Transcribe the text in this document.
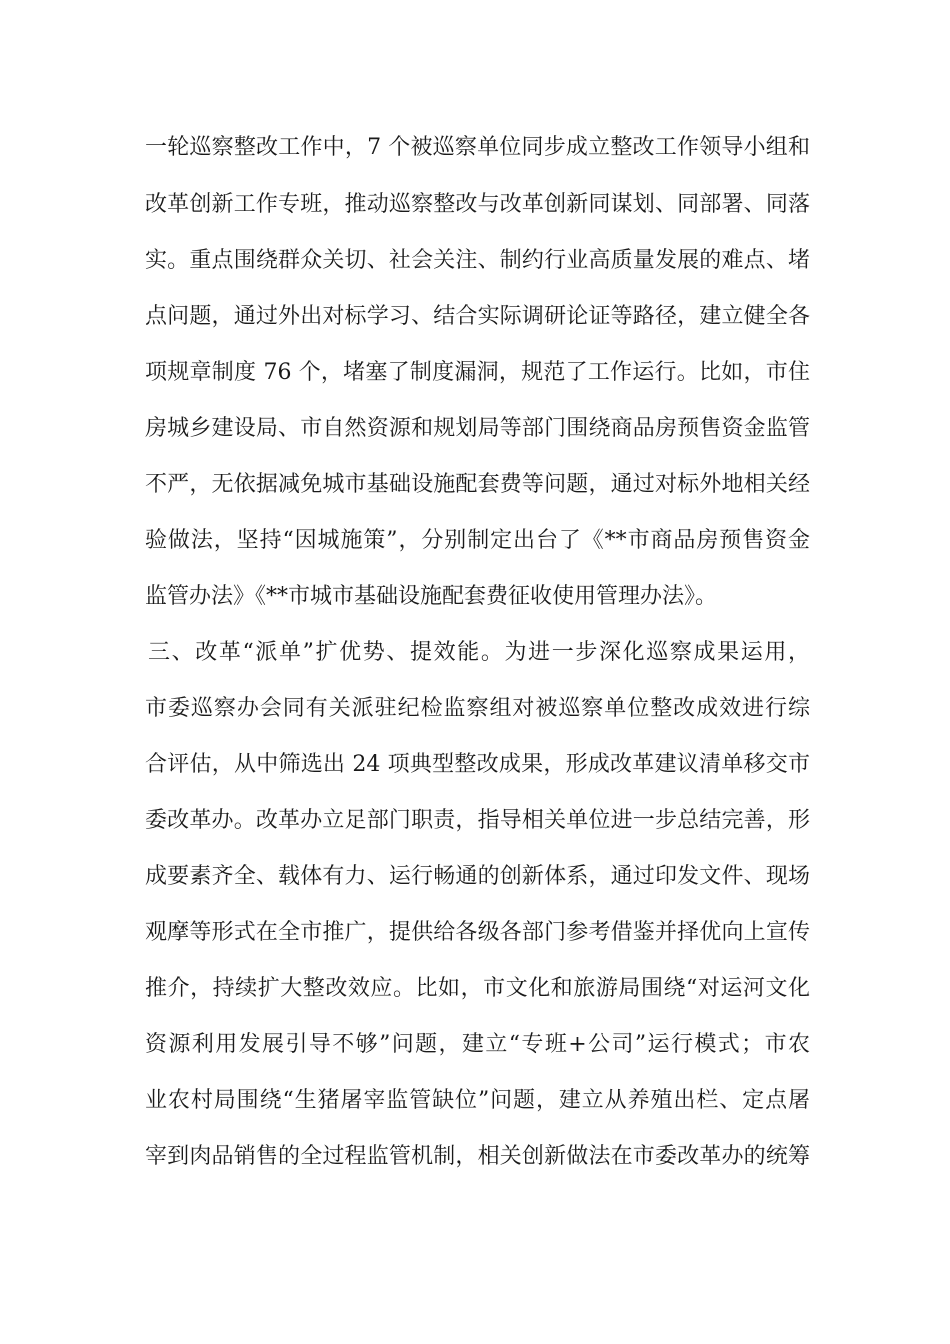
一轮巡察整改工作中，7 个被巡察单位同步成立整改工作领导小组和
改革创新工作专班，推动巡察整改与改革创新同谋划、同部署、同落
实。重点围绕群众关切、社会关注、制约行业高质量发展的难点、堵
点问题，通过外出对标学习、结合实际调研论证等路径，建立健全各
项规章制度 76 个，堵塞了制度漏洞，规范了工作运行。比如，市住
房城乡建设局、市自然资源和规划局等部门围绕商品房预售资金监管
不严，无依据减免城市基础设施配套费等问题，通过对标外地相关经
验做法，坚持“因城施策”，分别制定出台了《**市商品房预售资金
监管办法》《**市城市基础设施配套费征收使用管理办法》。
三、改革“派单”扩优势、提效能。为进一步深化巡察成果运用，
市委巡察办会同有关派驻纪检监察组对被巡察单位整改成效进行综
合评估，从中筛选出 24 项典型整改成果，形成改革建议清单移交市
委改革办。改革办立足部门职责，指导相关单位进一步总结完善，形
成要素齐全、载体有力、运行畅通的创新体系，通过印发文件、现场
观摩等形式在全市推广，提供给各级各部门参考借鉴并择优向上宣传
推介，持续扩大整改效应。比如，市文化和旅游局围绕“对运河文化
资源利用发展引导不够”问题，建立“专班+公司”运行模式；市农
业农村局围绕“生猪屠宰监管缺位”问题，建立从养殖出栏、定点屠
宰到肉品销售的全过程监管机制，相关创新做法在市委改革办的统筹
